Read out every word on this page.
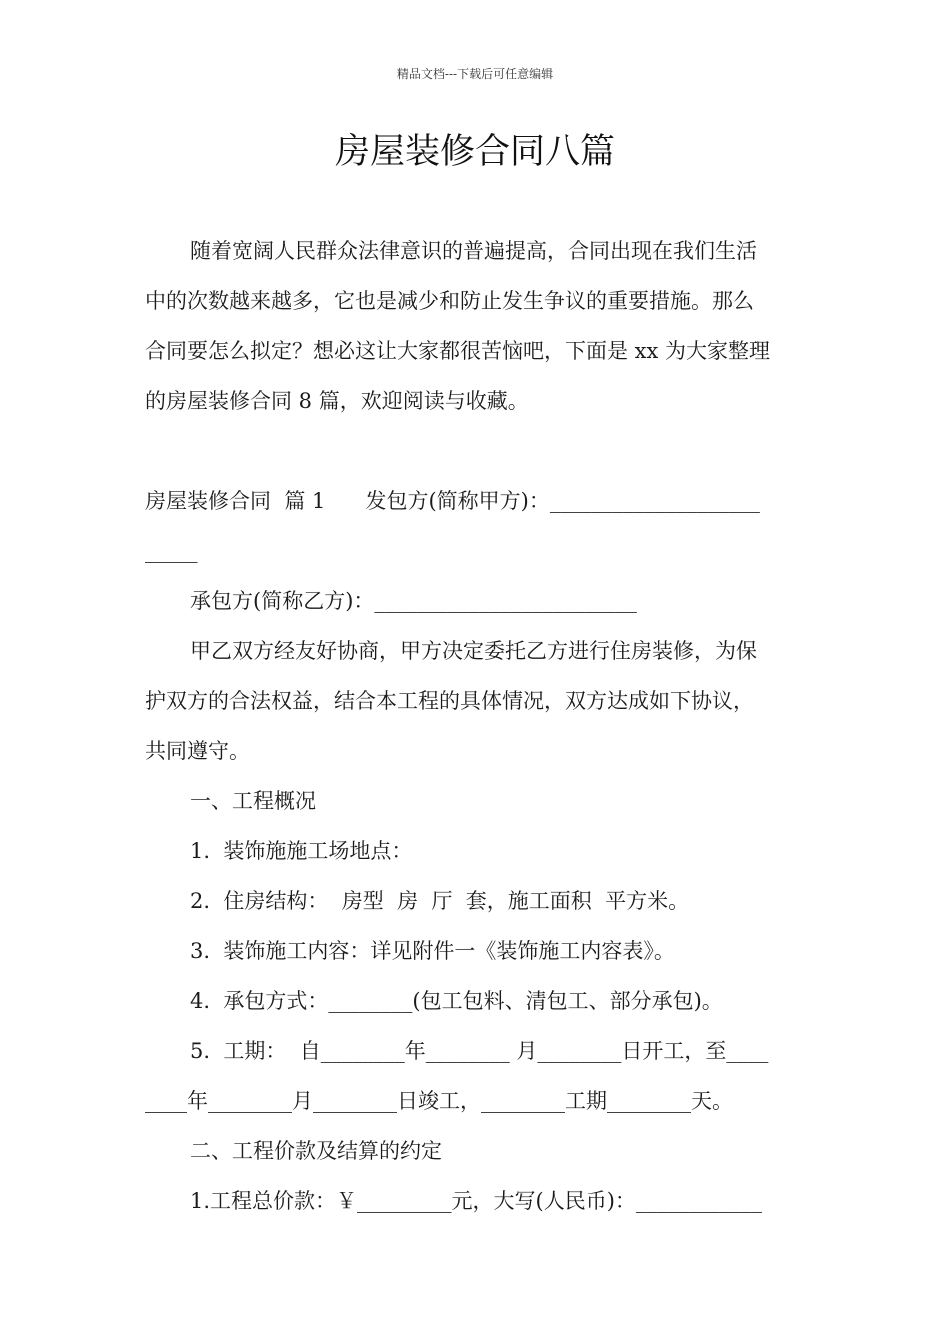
精品文档---下载后可任意编辑
房屋装修合同八篇
随着宽阔人民群众法律意识的普遍提高，合同出现在我们生活
中的次数越来越多，它也是减少和防止发生争议的重要措施。那么
合同要怎么拟定？想必这让大家都很苦恼吧，下面是 xx 为大家整理
的房屋装修合同 8 篇，欢迎阅读与收藏。
房屋装修合同  篇 1      发包方(简称甲方)：____________________
_____
承包方(简称乙方)：_________________________
甲乙双方经友好协商，甲方决定委托乙方进行住房装修，为保
护双方的合法权益，结合本工程的具体情况，双方达成如下协议，
共同遵守。
一、工程概况
1.  装饰施施工场地点：
2.  住房结构：  房型  房  厅  套，施工面积  平方米。
3.  装饰施工内容：详见附件一《装饰施工内容表》。
4.  承包方式：________(包工包料、清包工、部分承包)。
5.  工期：  自________年________ 月________日开工，至____
____年________月________日竣工，________工期________天。
二、工程价款及结算的约定
1.工程总价款：￥_________元，大写(人民币)：____________
